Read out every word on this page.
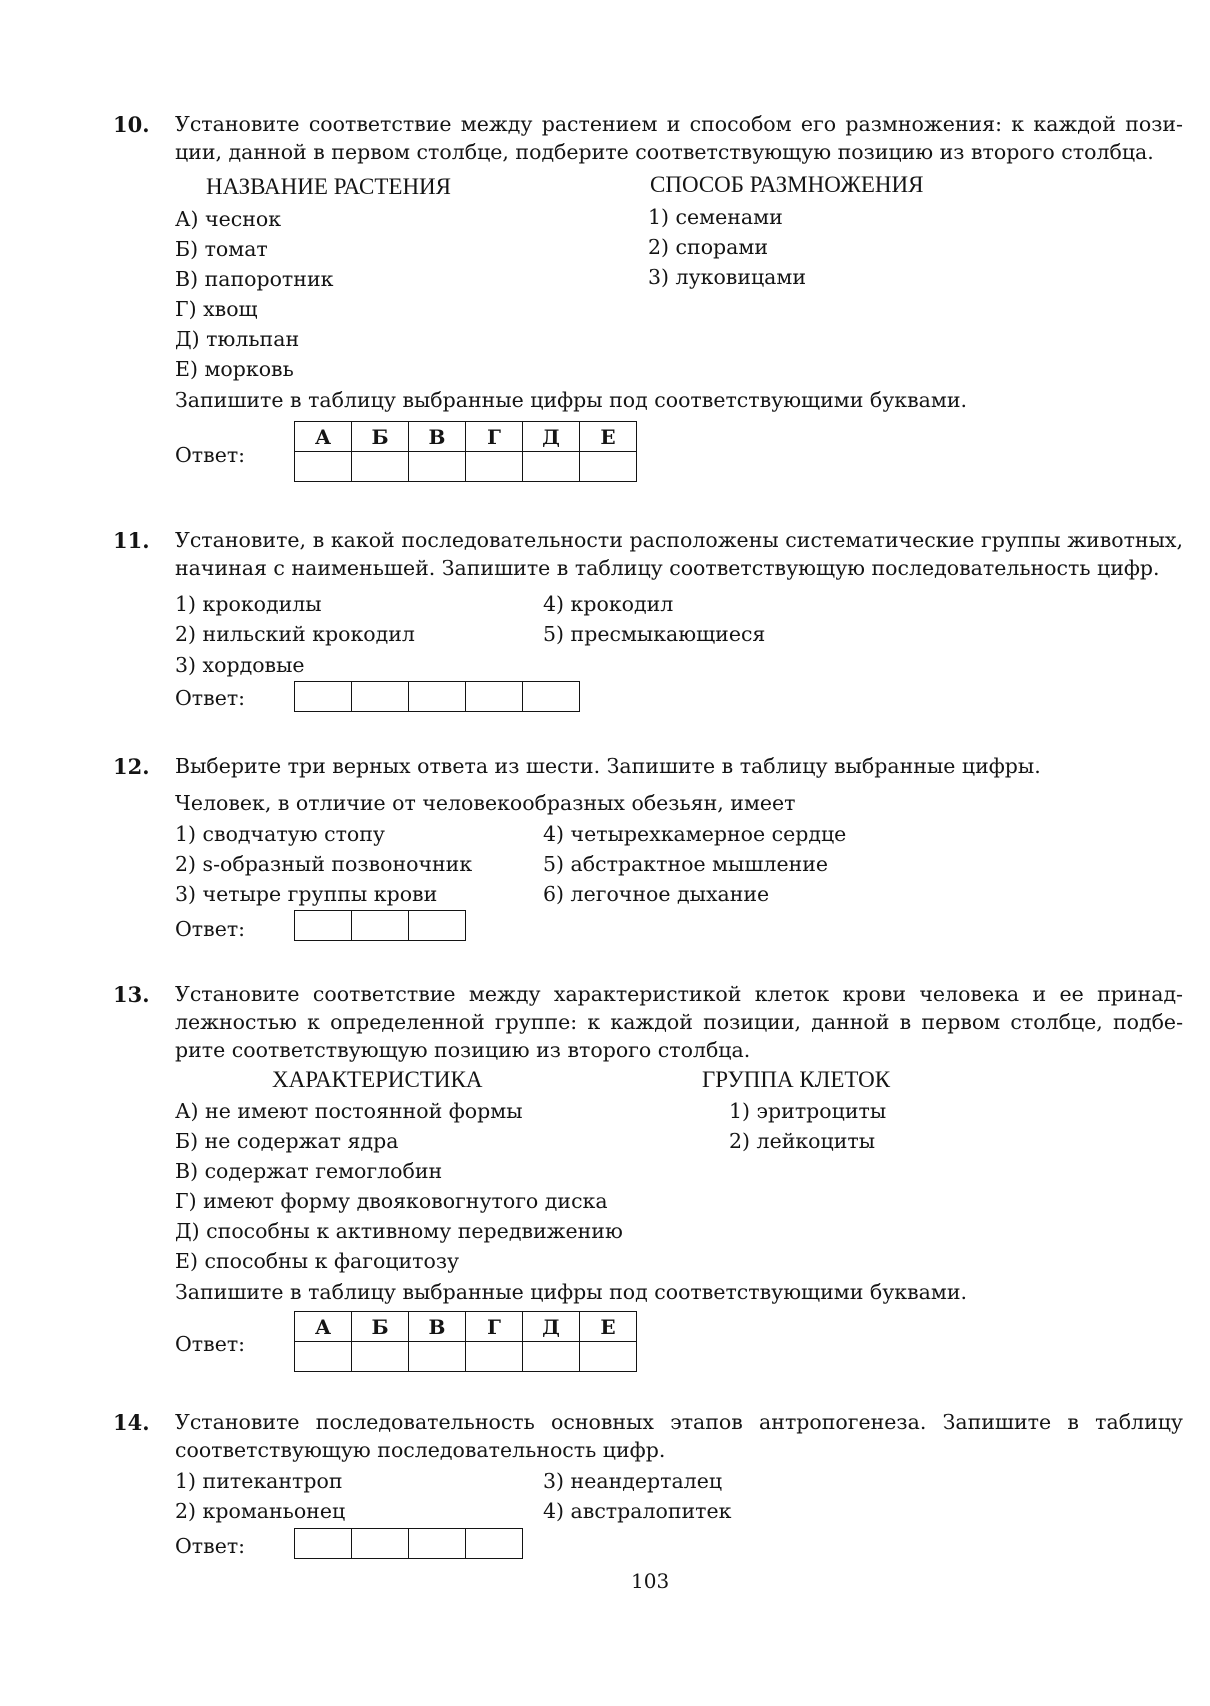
10. Установите соответствие между растением и способом его размножения: к каждой пози-
ции, данной в первом столбце, подберите соответствующую позицию из второго столбца.
НАЗВАНИЕ РАСТЕНИЯ	СПОСОБ РАЗМНОЖЕНИЯ
А) чеснок
Б) томат
В) папоротник
Г) хвощ
Д) тюльпан
Е) морковь
1) семенами
2) спорами
3) луковицами
Запишите в таблицу выбранные цифры под соответствующими буквами.
Ответ:
А	Б	В	Г	Д	Е

11. Установите, в какой последовательности расположены систематические группы животных,
начиная с наименьшей. Запишите в таблицу соответствующую последовательность цифр.
1) крокодилы
2) нильский крокодил
3) хордовые
4) крокодил
5) пресмыкающиеся
Ответ:

12. Выберите три верных ответа из шести. Запишите в таблицу выбранные цифры.
Человек, в отличие от человекообразных обезьян, имеет
1) сводчатую стопу
2) s-образный позвоночник
3) четыре группы крови
4) четырехкамерное сердце
5) абстрактное мышление
6) легочное дыхание
Ответ:

13. Установите соответствие между характеристикой клеток крови человека и ее принад-
лежностью к определенной группе: к каждой позиции, данной в первом столбце, подбе-
рите соответствующую позицию из второго столбца.
ХАРАКТЕРИСТИКА	ГРУППА КЛЕТОК
А) не имеют постоянной формы
Б) не содержат ядра
В) содержат гемоглобин
Г) имеют форму двояковогнутого диска
Д) способны к активному передвижению
Е) способны к фагоцитозу
1) эритроциты
2) лейкоциты
Запишите в таблицу выбранные цифры под соответствующими буквами.
Ответ:
А	Б	В	Г	Д	Е

14. Установите последовательность основных этапов антропогенеза. Запишите в таблицу
соответствующую последовательность цифр.
1) питекантроп
2) кроманьонец
3) неандерталец
4) австралопитек
Ответ:

103
